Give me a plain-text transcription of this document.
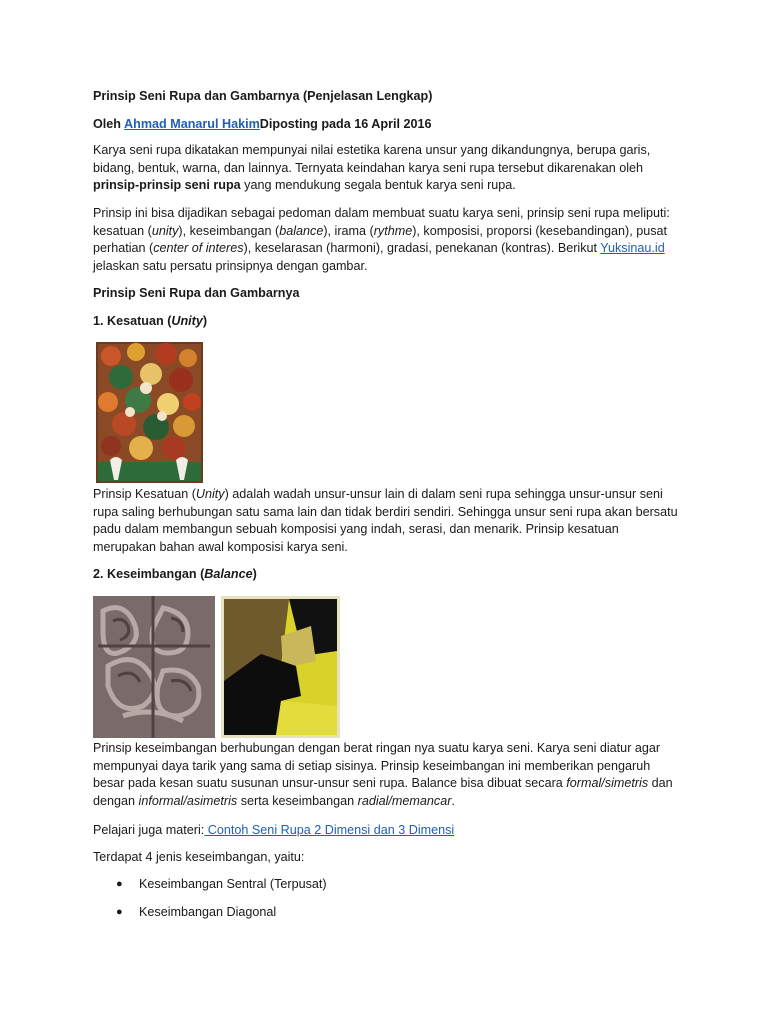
Prinsip Seni Rupa dan Gambarnya (Penjelasan Lengkap)

Oleh Ahmad Manarul HakimDiposting pada 16 April 2016

Karya seni rupa dikatakan mempunyai nilai estetika karena unsur yang dikandungnya, berupa garis, bidang, bentuk, warna, dan lainnya. Ternyata keindahan karya seni rupa tersebut dikarenakan oleh prinsip-prinsip seni rupa yang mendukung segala bentuk karya seni rupa.

Prinsip ini bisa dijadikan sebagai pedoman dalam membuat suatu karya seni, prinsip seni rupa meliputi: kesatuan (unity), keseimbangan (balance), irama (rythme), komposisi, proporsi (kesebandingan), pusat perhatian (center of interes), keselarasan (harmoni), gradasi, penekanan (kontras). Berikut Yuksinau.id jelaskan satu persatu prinsipnya dengan gambar.

Prinsip Seni Rupa dan Gambarnya

1. Kesatuan (Unity)

Prinsip Kesatuan (Unity) adalah wadah unsur-unsur lain di dalam seni rupa sehingga unsur-unsur seni rupa saling berhubungan satu sama lain dan tidak berdiri sendiri. Sehingga unsur seni rupa akan bersatu padu dalam membangun sebuah komposisi yang indah, serasi, dan menarik. Prinsip kesatuan merupakan bahan awal komposisi karya seni.

2. Keseimbangan (Balance)

Prinsip keseimbangan berhubungan dengan berat ringan nya suatu karya seni. Karya seni diatur agar mempunyai daya tarik yang sama di setiap sisinya. Prinsip keseimbangan ini memberikan pengaruh besar pada kesan suatu susunan unsur-unsur seni rupa. Balance bisa dibuat secara formal/simetris dan dengan informal/asimetris serta keseimbangan radial/memancar.

Pelajari juga materi: Contoh Seni Rupa 2 Dimensi dan 3 Dimensi

Terdapat 4 jenis keseimbangan, yaitu:

● Keseimbangan Sentral (Terpusat)
● Keseimbangan Diagonal
